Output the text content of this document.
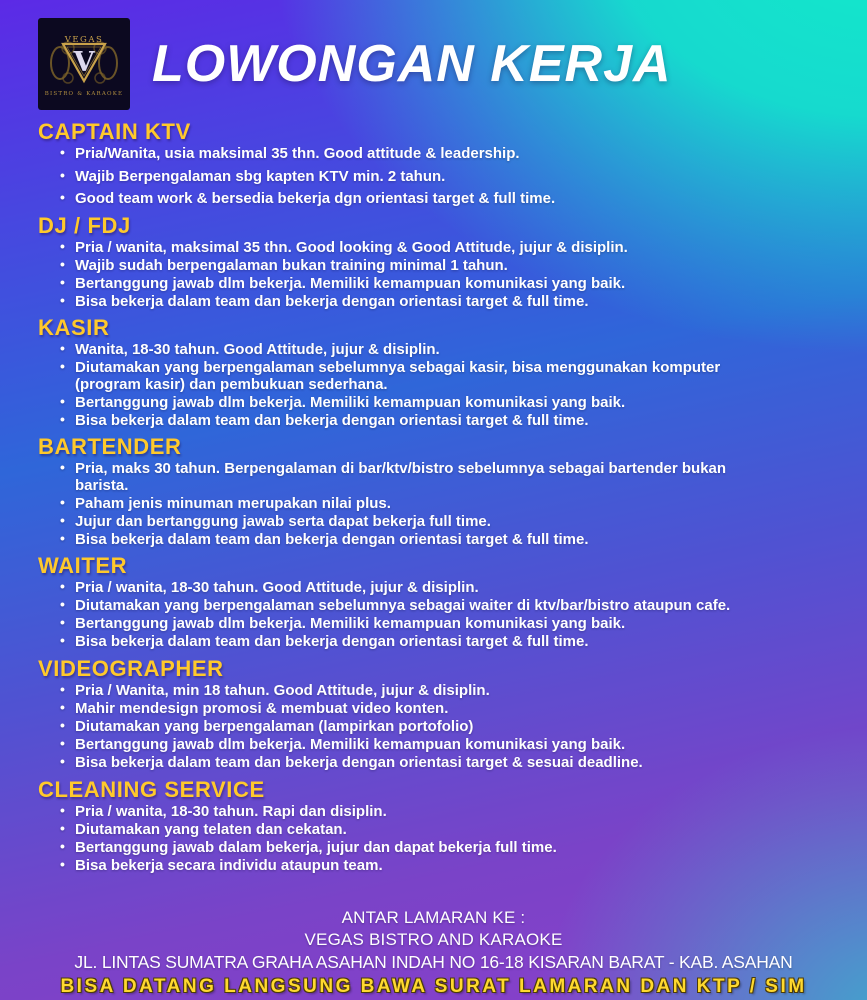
VEGAS
V
BISTRO & KARAOKE
LOWONGAN KERJA
CAPTAIN KTV
• Pria/Wanita, usia maksimal 35 thn. Good attitude & leadership.
• Wajib Berpengalaman sbg kapten KTV min. 2 tahun.
• Good team work & bersedia bekerja dgn orientasi target & full time.
DJ / FDJ
• Pria / wanita, maksimal 35 thn. Good looking & Good Attitude, jujur & disiplin.
• Wajib sudah berpengalaman bukan training minimal 1 tahun.
• Bertanggung jawab dlm bekerja. Memiliki kemampuan komunikasi yang baik.
• Bisa bekerja dalam team dan bekerja dengan orientasi target & full time.
KASIR
• Wanita, 18-30 tahun. Good Attitude, jujur & disiplin.
• Diutamakan yang berpengalaman sebelumnya sebagai kasir, bisa menggunakan komputer (program kasir) dan pembukuan sederhana.
• Bertanggung jawab dlm bekerja. Memiliki kemampuan komunikasi yang baik.
• Bisa bekerja dalam team dan bekerja dengan orientasi target & full time.
BARTENDER
• Pria, maks 30 tahun. Berpengalaman di bar/ktv/bistro sebelumnya sebagai bartender bukan barista.
• Paham jenis minuman merupakan nilai plus.
• Jujur dan bertanggung jawab serta dapat bekerja full time.
• Bisa bekerja dalam team dan bekerja dengan orientasi target & full time.
WAITER
• Pria / wanita, 18-30 tahun. Good Attitude, jujur & disiplin.
• Diutamakan yang berpengalaman sebelumnya sebagai waiter di ktv/bar/bistro ataupun cafe.
• Bertanggung jawab dlm bekerja. Memiliki kemampuan komunikasi yang baik.
• Bisa bekerja dalam team dan bekerja dengan orientasi target & full time.
VIDEOGRAPHER
• Pria / Wanita, min 18 tahun. Good Attitude, jujur & disiplin.
• Mahir mendesign promosi & membuat video konten.
• Diutamakan yang berpengalaman (lampirkan portofolio)
• Bertanggung jawab dlm bekerja. Memiliki kemampuan komunikasi yang baik.
• Bisa bekerja dalam team dan bekerja dengan orientasi target & sesuai deadline.
CLEANING SERVICE
• Pria / wanita, 18-30 tahun. Rapi dan disiplin.
• Diutamakan yang telaten dan cekatan.
• Bertanggung jawab dalam bekerja, jujur dan dapat bekerja full time.
• Bisa bekerja secara individu ataupun team.
ANTAR LAMARAN KE :
VEGAS BISTRO AND KARAOKE
JL. LINTAS SUMATRA GRAHA ASAHAN INDAH NO 16-18 KISARAN BARAT - KAB. ASAHAN
BISA DATANG LANGSUNG BAWA SURAT LAMARAN DAN KTP / SIM
